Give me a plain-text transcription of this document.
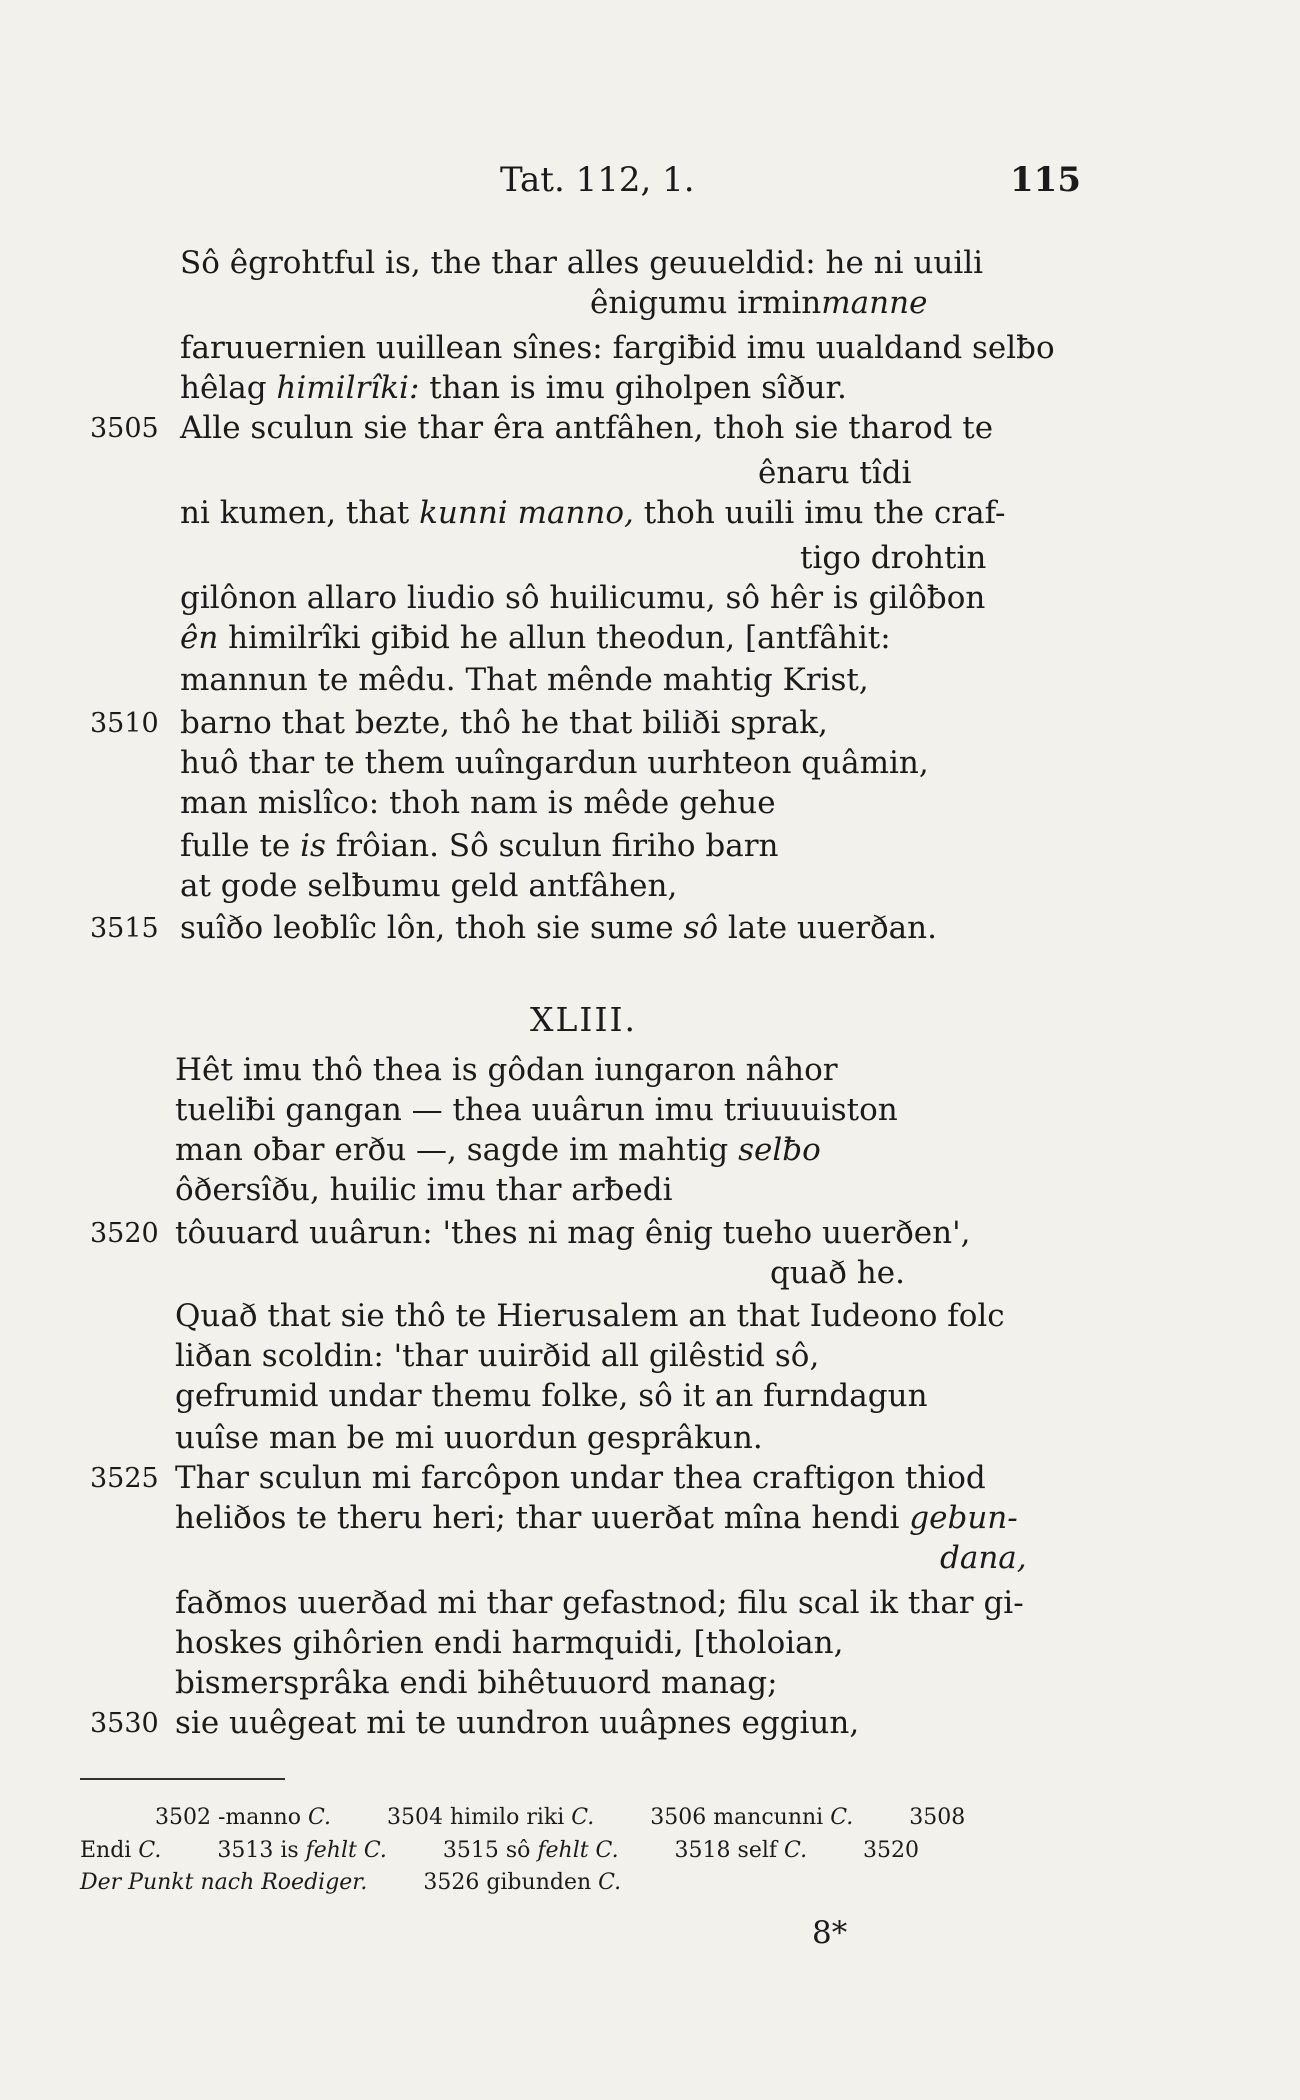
Tat. 112, 1.	115
Sô êgrohtful is, the thar alles geuueldid: he ni uuili
ênigumu irminmanne
faruuernien uuillean sînes: fargiƀid imu uualdand selƀo
hêlag himilrîki: than is imu giholpen sîður.
Alle sculun sie thar êra antfâhen, thoh sie tharod te
3505
ênaru tîdi
ni kumen, that kunni manno, thoh uuili imu the craf-
tigo drohtin
gilônon allaro liudio sô huilicumu, sô hêr is gilôƀon
ên himilrîki giƀid he allun theodun, [antfâhit:
mannun te mêdu. That mênde mahtig Krist,
barno that bezte, thô he that biliði sprak,
3510
huô thar te them uuîngardun uurhteon quâmin,
man mislîco: thoh nam is mêde gehue
fulle te is frôian. Sô sculun firiho barn
at gode selƀumu geld antfâhen,
suîðo leoƀlîc lôn, thoh sie sume sô late uuerðan.
3515
Hêt imu thô thea is gôdan iungaron nâhor
tueliƀi gangan — thea uuârun imu triuuuiston
man oƀar erðu —, sagde im mahtig selƀo
ôðersîðu, huilic imu thar arƀedi
tôuuard uuârun: 'thes ni mag ênig tueho uuerðen',
3520
quað he.
Quað that sie thô te Hierusalem an that Iudeono folc
liðan scoldin: 'thar uuirðid all gilêstid sô,
gefrumid undar themu folke, sô it an furndagun
uuîse man be mi uuordun gesprâkun.
Thar sculun mi farcôpon undar thea craftigon thiod
3525
heliðos te theru heri; thar uuerðat mîna hendi gebun-
dana,
faðmos uuerðad mi thar gefastnod; filu scal ik thar gi-
hoskes gihôrien endi harmquidi, [tholoian,
bismersprâka endi bihêtuuord manag;
sie uuêgeat mi te uundron uuâpnes eggiun,
3530
XLIII.
3502 -manno C.        3504 himilo riki C.        3506 mancunni C.        3508
Endi C.        3513 is fehlt C.        3515 sô fehlt C.        3518 self C.        3520
Der Punkt nach Roediger.        3526 gibunden C.
8*
